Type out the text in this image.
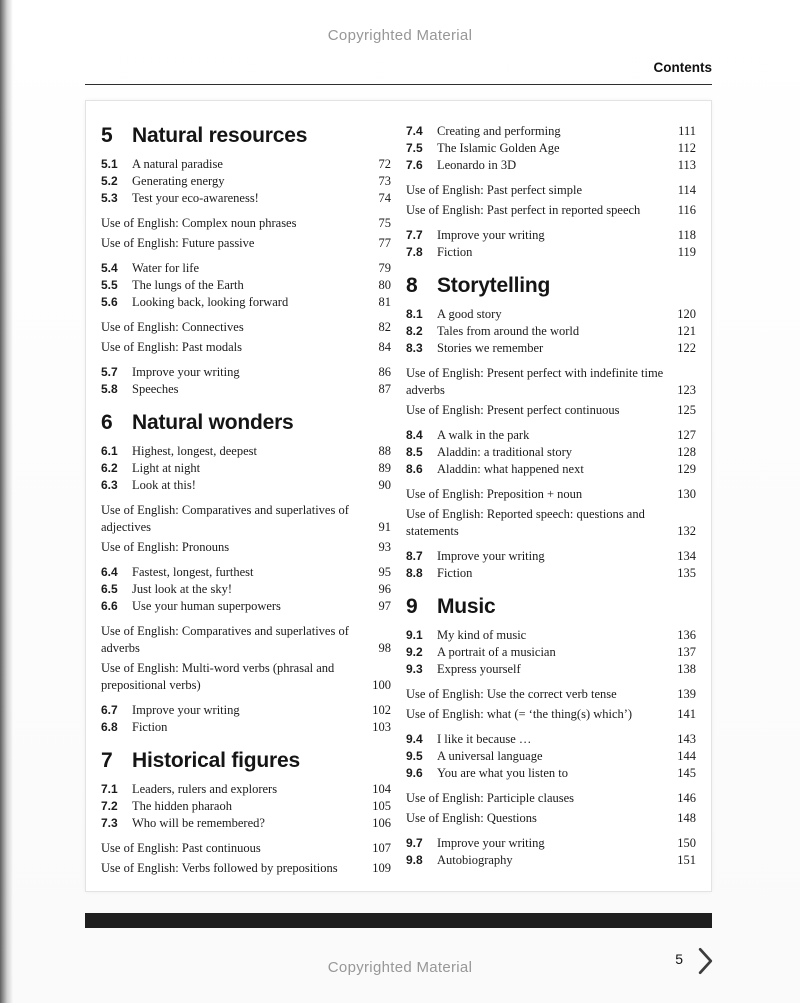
Copyrighted Material
Contents
5 Natural resources
5.1	A natural paradise	72
5.2	Generating energy	73
5.3	Test your eco-awareness!	74
Use of English: Complex noun phrases	75
Use of English: Future passive	77
5.4	Water for life	79
5.5	The lungs of the Earth	80
5.6	Looking back, looking forward	81
Use of English: Connectives	82
Use of English: Past modals	84
5.7	Improve your writing	86
5.8	Speeches	87
6 Natural wonders
6.1	Highest, longest, deepest	88
6.2	Light at night	89
6.3	Look at this!	90
Use of English: Comparatives and superlatives of adjectives	91
Use of English: Pronouns	93
6.4	Fastest, longest, furthest	95
6.5	Just look at the sky!	96
6.6	Use your human superpowers	97
Use of English: Comparatives and superlatives of adverbs	98
Use of English: Multi-word verbs (phrasal and prepositional verbs)	100
6.7	Improve your writing	102
6.8	Fiction	103
7 Historical figures
7.1	Leaders, rulers and explorers	104
7.2	The hidden pharaoh	105
7.3	Who will be remembered?	106
Use of English: Past continuous	107
Use of English: Verbs followed by prepositions	109
7.4	Creating and performing	111
7.5	The Islamic Golden Age	112
7.6	Leonardo in 3D	113
Use of English: Past perfect simple	114
Use of English: Past perfect in reported speech	116
7.7	Improve your writing	118
7.8	Fiction	119
8 Storytelling
8.1	A good story	120
8.2	Tales from around the world	121
8.3	Stories we remember	122
Use of English: Present perfect with indefinite time adverbs	123
Use of English: Present perfect continuous	125
8.4	A walk in the park	127
8.5	Aladdin: a traditional story	128
8.6	Aladdin: what happened next	129
Use of English: Preposition + noun	130
Use of English: Reported speech: questions and statements	132
8.7	Improve your writing	134
8.8	Fiction	135
9 Music
9.1	My kind of music	136
9.2	A portrait of a musician	137
9.3	Express yourself	138
Use of English: Use the correct verb tense	139
Use of English: what (= ‘the thing(s) which’)	141
9.4	I like it because …	143
9.5	A universal language	144
9.6	You are what you listen to	145
Use of English: Participle clauses	146
Use of English: Questions	148
9.7	Improve your writing	150
9.8	Autobiography	151
Copyrighted Material	5
